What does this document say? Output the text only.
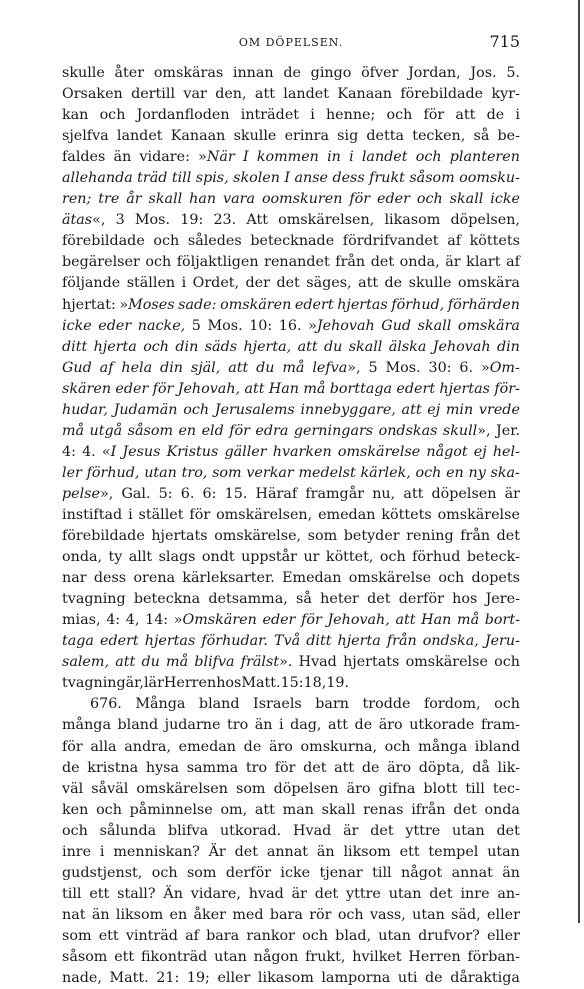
OM DÖPELSEN.	715
skulle åter omskäras innan de gingo öfver Jordan, Jos. 5.
Orsaken dertill var den, att landet Kanaan förebildade kyr-
kan och Jordanfloden inträdet i henne; och för att de i
sjelfva landet Kanaan skulle erinra sig detta tecken, så be-
faldes än vidare: »När I kommen in i landet och planteren
allehanda träd till spis, skolen I anse dess frukt såsom oomsku-
ren; tre år skall han vara oomskuren för eder och skall icke
ätas«, 3 Mos. 19: 23. Att omskärelsen, likasom döpelsen,
förebildade och således betecknade fördrifvandet af köttets
begärelser och följaktligen renandet från det onda, är klart af
följande ställen i Ordet, der det säges, att de skulle omskära
hjertat: »Moses sade: omskären edert hjertas förhud, förhärden
icke eder nacke, 5 Mos. 10: 16. »Jehovah Gud skall omskära
ditt hjerta och din säds hjerta, att du skall älska Jehovah din
Gud af hela din själ, att du må lefva», 5 Mos. 30: 6. »Om-
skären eder för Jehovah, att Han må borttaga edert hjertas för-
hudar, Judamän och Jerusalems innebyggare, att ej min vrede
må utgå såsom en eld för edra gerningars ondskas skull», Jer.
4: 4. «I Jesus Kristus gäller hvarken omskärelse något ej hel-
ler förhud, utan tro, som verkar medelst kärlek, och en ny ska-
pelse», Gal. 5: 6. 6: 15. Häraf framgår nu, att döpelsen är
instiftad i stället för omskärelsen, emedan köttets omskärelse
förebildade hjertats omskärelse, som betyder rening från det
onda, ty allt slags ondt uppstår ur köttet, och förhud beteck-
nar dess orena kärleksarter. Emedan omskärelse och dopets
tvagning beteckna detsamma, så heter det derför hos Jere-
mias, 4: 4, 14: »Omskären eder för Jehovah, att Han må bort-
taga edert hjertas förhudar. Två ditt hjerta från ondska, Jeru-
salem, att du må blifva frälst». Hvad hjertats omskärelse och
tvagning är, lär Herren hos Matt. 15: 18, 19.
676. Många bland Israels barn trodde fordom, och
många bland judarne tro än i dag, att de äro utkorade fram-
för alla andra, emedan de äro omskurna, och många ibland
de kristna hysa samma tro för det att de äro döpta, då lik-
väl såväl omskärelsen som döpelsen äro gifna blott till tec-
ken och påminnelse om, att man skall renas ifrån det onda
och sålunda blifva utkorad. Hvad är det yttre utan det
inre i menniskan? Är det annat än liksom ett tempel utan
gudstjenst, och som derför icke tjenar till något annat än
till ett stall? Än vidare, hvad är det yttre utan det inre an-
nat än liksom en åker med bara rör och vass, utan säd, eller
som ett vinträd af bara rankor och blad, utan drufvor? eller
såsom ett fikonträd utan någon frukt, hvilket Herren förban-
nade, Matt. 21: 19; eller likasom lamporna uti de dåraktiga
